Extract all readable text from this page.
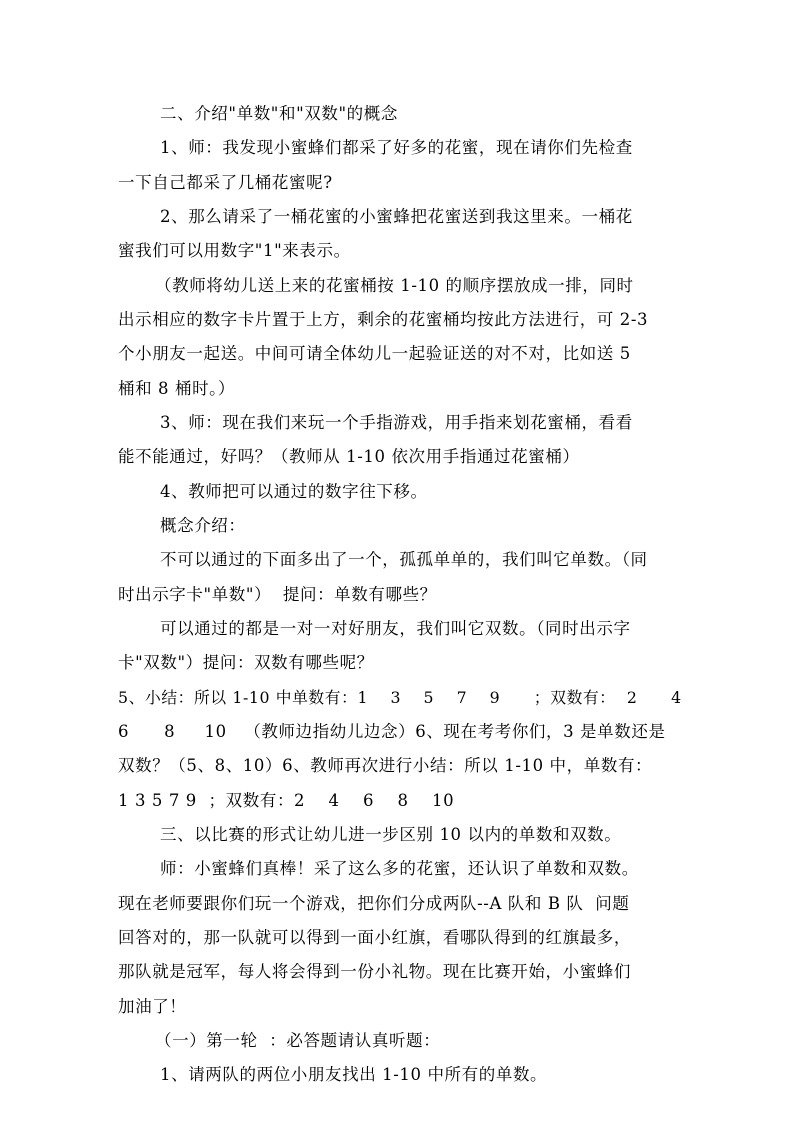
二、介绍"单数"和"双数"的概念
1、师：我发现小蜜蜂们都采了好多的花蜜，现在请你们先检查
一下自己都采了几桶花蜜呢?
2、那么请采了一桶花蜜的小蜜蜂把花蜜送到我这里来。一桶花
蜜我们可以用数字"1"来表示。
（教师将幼儿送上来的花蜜桶按 1-10 的顺序摆放成一排，同时
出示相应的数字卡片置于上方，剩余的花蜜桶均按此方法进行，可 2-3
个小朋友一起送。中间可请全体幼儿一起验证送的对不对，比如送 5
桶和 8 桶时。）
3、师：现在我们来玩一个手指游戏，用手指来划花蜜桶，看看
能不能通过，好吗？（教师从 1-10 依次用手指通过花蜜桶）
4、教师把可以通过的数字往下移。
概念介绍：
不可以通过的下面多出了一个，孤孤单单的，我们叫它单数。（同
时出示字卡"单数"）  提问：单数有哪些？
可以通过的都是一对一对好朋友，我们叫它双数。（同时出示字
卡"双数"）提问：双数有哪些呢？
5、小结：所以 1-10 中单数有：1    3    5    7    9      ；双数有：  2      4
6      8     10   （教师边指幼儿边念）6、现在考考你们，3 是单数还是
双数？（5、8、10）6、教师再次进行小结：所以 1-10 中，单数有：
1 3 5 7 9  ；双数有：2    4    6    8    10
三、以比赛的形式让幼儿进一步区别 10 以内的单数和双数。
师：小蜜蜂们真棒！采了这么多的花蜜，还认识了单数和双数。
现在老师要跟你们玩一个游戏，把你们分成两队--A 队和 B 队  问题
回答对的，那一队就可以得到一面小红旗，看哪队得到的红旗最多，
那队就是冠军，每人将会得到一份小礼物。现在比赛开始，小蜜蜂们
加油了！
（一）第一轮  ：必答题请认真听题：
1、请两队的两位小朋友找出 1-10 中所有的单数。
